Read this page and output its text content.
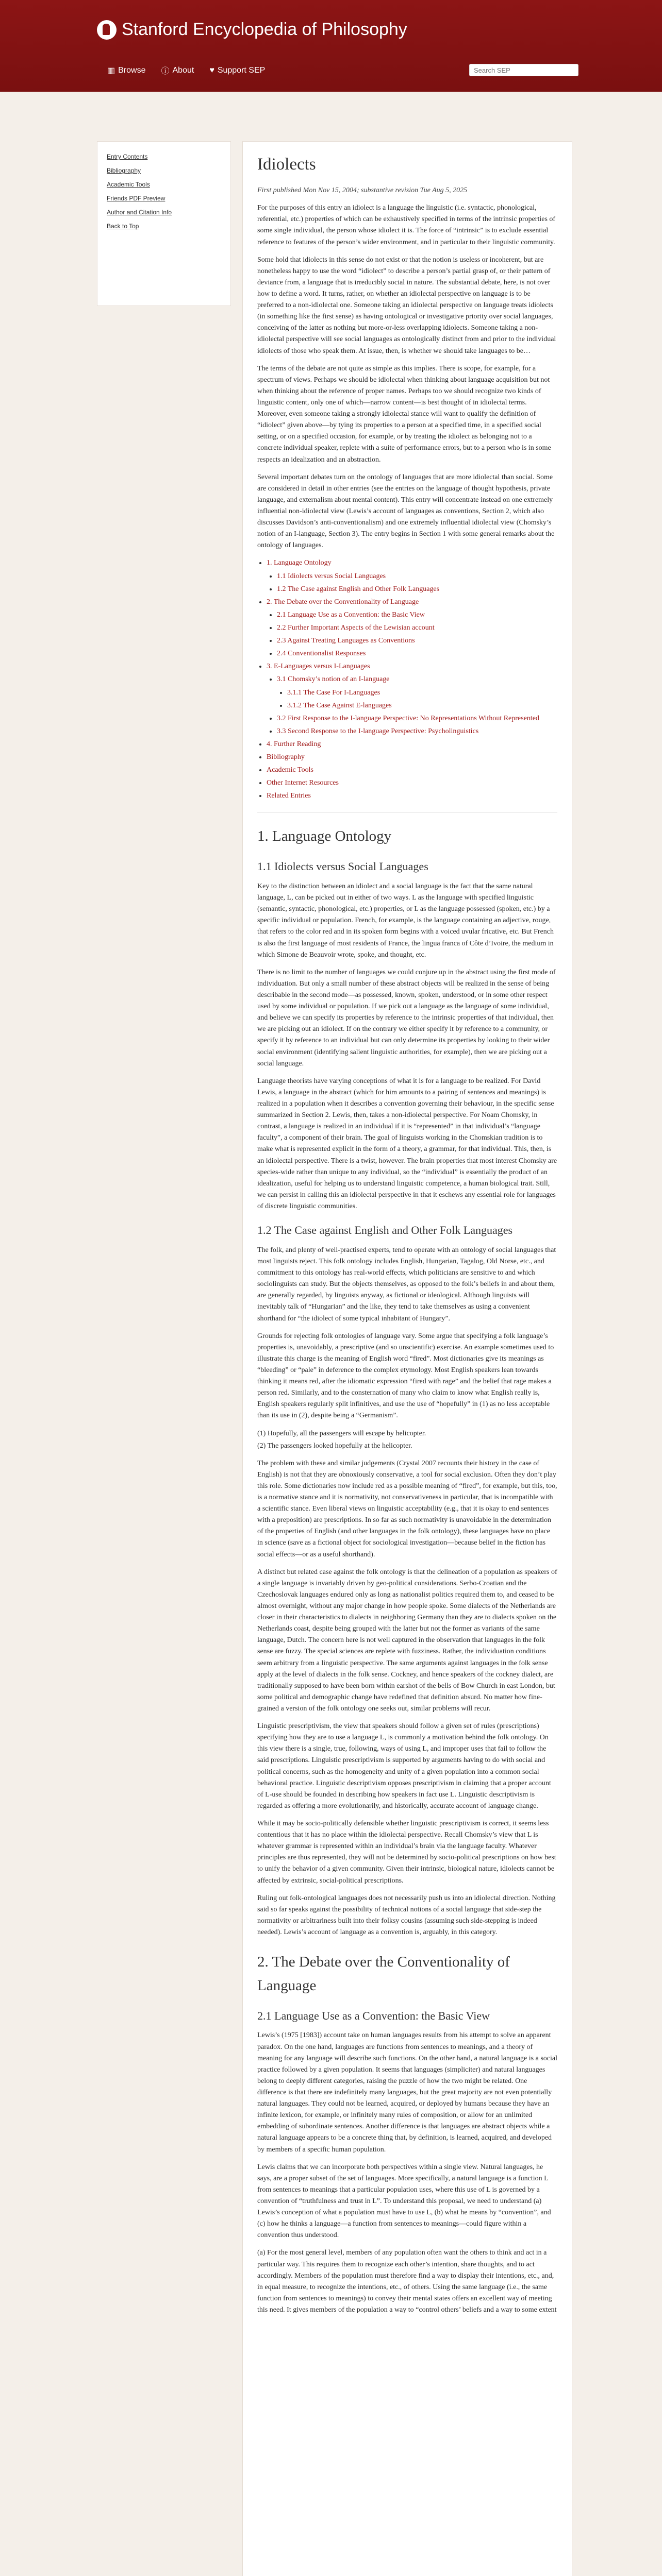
Stanford Encyclopedia of Philosophy
▥ Browse ⓘ About ♥ Support SEP
Search SEP
Entry Contents
Bibliography
Academic Tools
Friends PDF Preview
Author and Citation Info
Back to Top
Idiolects
First published Mon Nov 15, 2004; substantive revision Tue Aug 5, 2025

For the purposes of this entry an idiolect is a language the linguistic (i.e. syntactic, phonological, referential, etc.) properties of which can be exhaustively specified in terms of the intrinsic properties of some single individual, the person whose idiolect it is. The force of “intrinsic” is to exclude essential reference to features of the person’s wider environment, and in particular to their linguistic community.

Some hold that idiolects in this sense do not exist or that the notion is useless or incoherent, but are nonetheless happy to use the word “idiolect” to describe a person’s partial grasp of, or their pattern of deviance from, a language that is irreducibly social in nature. The substantial debate, here, is not over how to define a word. It turns, rather, on whether an idiolectal perspective on language is to be preferred to a non-idiolectal one. Someone taking an idiolectal perspective on language treats idiolects (in something like the first sense) as having ontological or investigative priority over social languages, conceiving of the latter as nothing but more-or-less overlapping idiolects. Someone taking a non-idiolectal perspective will see social languages as ontologically distinct from and prior to the individual idiolects of those who speak them. At issue, then, is whether we should take languages to be…

The terms of the debate are not quite as simple as this implies. There is scope, for example, for a spectrum of views. Perhaps we should be idiolectal when thinking about language acquisition but not when thinking about the reference of proper names. Perhaps too we should recognize two kinds of linguistic content, only one of which—narrow content—is best thought of in idiolectal terms. Moreover, even someone taking a strongly idiolectal stance will want to qualify the definition of “idiolect” given above—by tying its properties to a person at a specified time, in a specified social setting, or on a specified occasion, for example, or by treating the idiolect as belonging not to a concrete individual speaker, replete with a suite of performance errors, but to a person who is in some respects an idealization and an abstraction.

Several important debates turn on the ontology of languages that are more idiolectal than social. Some are considered in detail in other entries (see the entries on the language of thought hypothesis, private language, and externalism about mental content). This entry will concentrate instead on one extremely influential non-idiolectal view (Lewis’s account of languages as conventions, Section 2, which also discusses Davidson’s anti-conventionalism) and one extremely influential idiolectal view (Chomsky’s notion of an I-language, Section 3). The entry begins in Section 1 with some general remarks about the ontology of languages.

• 1. Language Ontology
• 1.1 Idiolects versus Social Languages
• 1.2 The Case against English and Other Folk Languages
• 2. The Debate over the Conventionality of Language
• 2.1 Language Use as a Convention: the Basic View
• 2.2 Further Important Aspects of the Lewisian account
• 2.3 Against Treating Languages as Conventions
• 2.4 Conventionalist Responses
• 3. E-Languages versus I-Languages
• 3.1 Chomsky’s notion of an I-language
• 3.1.1 The Case For I-Languages
• 3.1.2 The Case Against E-languages
• 3.2 First Response to the I-language Perspective: No Representations Without Represented
• 3.3 Second Response to the I-language Perspective: Psycholinguistics
• 4. Further Reading
• Bibliography
• Academic Tools
• Other Internet Resources
• Related Entries
1. Language Ontology
1.1 Idiolects versus Social Languages

Key to the distinction between an idiolect and a social language is the fact that the same natural language, L, can be picked out in either of two ways. L as the language with specified linguistic (semantic, syntactic, phonological, etc.) properties, or L as the language possessed (spoken, etc.) by a specific individual or population. French, for example, is the language containing an adjective, rouge, that refers to the color red and in its spoken form begins with a voiced uvular fricative, etc. But French is also the first language of most residents of France, the lingua franca of Côte d’Ivoire, the medium in which Simone de Beauvoir wrote, spoke, and thought, etc.

There is no limit to the number of languages we could conjure up in the abstract using the first mode of individuation. But only a small number of these abstract objects will be realized in the sense of being describable in the second mode—as possessed, known, spoken, understood, or in some other respect used by some individual or population. If we pick out a language as the language of some individual, and believe we can specify its properties by reference to the intrinsic properties of that individual, then we are picking out an idiolect. If on the contrary we either specify it by reference to a community, or specify it by reference to an individual but can only determine its properties by looking to their wider social environment (identifying salient linguistic authorities, for example), then we are picking out a social language.

Language theorists have varying conceptions of what it is for a language to be realized. For David Lewis, a language in the abstract (which for him amounts to a pairing of sentences and meanings) is realized in a population when it describes a convention governing their behaviour, in the specific sense summarized in Section 2. Lewis, then, takes a non-idiolectal perspective. For Noam Chomsky, in contrast, a language is realized in an individual if it is “represented” in that individual’s “language faculty”, a component of their brain. The goal of linguists working in the Chomskian tradition is to make what is represented explicit in the form of a theory, a grammar, for that individual. This, then, is an idiolectal perspective. There is a twist, however. The brain properties that most interest Chomsky are species-wide rather than unique to any individual, so the “individual” is essentially the product of an idealization, useful for helping us to understand linguistic competence, a human biological trait. Still, we can persist in calling this an idiolectal perspective in that it eschews any essential role for languages of discrete linguistic communities.

1.2 The Case against English and Other Folk Languages

The folk, and plenty of well-practised experts, tend to operate with an ontology of social languages that most linguists reject. This folk ontology includes English, Hungarian, Tagalog, Old Norse, etc., and commitment to this ontology has real-world effects, which politicians are sensitive to and which sociolinguists can study. But the objects themselves, as opposed to the folk’s beliefs in and about them, are generally regarded, by linguists anyway, as fictional or ideological. Although linguists will inevitably talk of “Hungarian” and the like, they tend to take themselves as using a convenient shorthand for “the idiolect of some typical inhabitant of Hungary”.

Grounds for rejecting folk ontologies of language vary. Some argue that specifying a folk language’s properties is, unavoidably, a prescriptive (and so unscientific) exercise. An example sometimes used to illustrate this charge is the meaning of English word “fired”. Most dictionaries give its meanings as “bleeding” or “pale” in deference to the complex etymology. Most English speakers lean towards thinking it means red, after the idiomatic expression “fired with rage” and the belief that rage makes a person red. Similarly, and to the consternation of many who claim to know what English really is, English speakers regularly split infinitives, and use the use of “hopefully” in (1) as no less acceptable than its use in (2), despite being a “Germanism”.

(1) Hopefully, all the passengers will escape by helicopter.
(2) The passengers looked hopefully at the helicopter.

The problem with these and similar judgements (Crystal 2007 recounts their history in the case of English) is not that they are obnoxiously conservative, a tool for social exclusion. Often they don’t play this role. Some dictionaries now include red as a possible meaning of “fired”, for example, but this, too, is a normative stance and it is normativity, not conservativeness in particular, that is incompatible with a scientific stance. Even liberal views on linguistic acceptability (e.g., that it is okay to end sentences with a preposition) are prescriptions. In so far as such normativity is unavoidable in the determination of the properties of English (and other languages in the folk ontology), these languages have no place in science (save as a fictional object for sociological investigation—because belief in the fiction has social effects—or as a useful shorthand).

A distinct but related case against the folk ontology is that the delineation of a population as speakers of a single language is invariably driven by geo-political considerations. Serbo-Croatian and the Czechoslovak languages endured only as long as nationalist politics required them to, and ceased to be almost overnight, without any major change in how people spoke. Some dialects of the Netherlands are closer in their characteristics to dialects in neighboring Germany than they are to dialects spoken on the Netherlands coast, despite being grouped with the latter but not the former as variants of the same language, Dutch. The concern here is not well captured in the observation that languages in the folk sense are fuzzy. The special sciences are replete with fuzziness. Rather, the individuation conditions seem arbitrary from a linguistic perspective. The same arguments against languages in the folk sense apply at the level of dialects in the folk sense. Cockney, and hence speakers of the cockney dialect, are traditionally supposed to have been born within earshot of the bells of Bow Church in east London, but some political and demographic change have redefined that definition absurd. No matter how fine-grained a version of the folk ontology one seeks out, similar problems will recur.

Linguistic prescriptivism, the view that speakers should follow a given set of rules (prescriptions) specifying how they are to use a language L, is commonly a motivation behind the folk ontology. On this view there is a single, true, following, ways of using L, and improper uses that fail to follow the said prescriptions. Linguistic prescriptivism is supported by arguments having to do with social and political concerns, such as the homogeneity and unity of a given population into a common social behavioral practice. Linguistic descriptivism opposes prescriptivism in claiming that a proper account of L-use should be founded in describing how speakers in fact use L. Linguistic descriptivism is regarded as offering a more evolutionarily, and historically, accurate account of language change.

While it may be socio-politically defensible whether linguistic prescriptivism is correct, it seems less contentious that it has no place within the idiolectal perspective. Recall Chomsky’s view that L is whatever grammar is represented within an individual’s brain via the language faculty. Whatever principles are thus represented, they will not be determined by socio-political prescriptions on how best to unify the behavior of a given community. Given their intrinsic, biological nature, idiolects cannot be affected by extrinsic, social-political prescriptions.

Ruling out folk-ontological languages does not necessarily push us into an idiolectal direction. Nothing said so far speaks against the possibility of technical notions of a social language that side-step the normativity or arbitrariness built into their folksy cousins (assuming such side-stepping is indeed needed). Lewis’s account of language as a convention is, arguably, in this category.

2. The Debate over the Conventionality of Language
2.1 Language Use as a Convention: the Basic View

Lewis’s (1975 [1983]) account take on human languages results from his attempt to solve an apparent paradox. On the one hand, languages are functions from sentences to meanings, and a theory of meaning for any language will describe such functions. On the other hand, a natural language is a social practice followed by a given population. It seems that languages (simpliciter) and natural languages belong to deeply different categories, raising the puzzle of how the two might be related. One difference is that there are indefinitely many languages, but the great majority are not even potentially natural languages. They could not be learned, acquired, or deployed by humans because they have an infinite lexicon, for example, or infinitely many rules of composition, or allow for an unlimited embedding of subordinate sentences. Another difference is that languages are abstract objects while a natural language appears to be a concrete thing that, by definition, is learned, acquired, and developed by members of a specific human population.

Lewis claims that we can incorporate both perspectives within a single view. Natural languages, he says, are a proper subset of the set of languages. More specifically, a natural language is a function L from sentences to meanings that a particular population uses, where this use of L is governed by a convention of “truthfulness and trust in L”. To understand this proposal, we need to understand (a) Lewis’s conception of what a population must have to use L, (b) what he means by “convention”, and (c) how he thinks a language—a function from sentences to meanings—could figure within a convention thus understood.

(a) For the most general level, members of any population often want the others to think and act in a particular way. This requires them to recognize each other’s intention, share thoughts, and to act accordingly. Members of the population must therefore find a way to display their intentions, etc., and, in equal measure, to recognize the intentions, etc., of others. Using the same language (i.e., the same function from sentences to meanings) to convey their mental states offers an excellent way of meeting this need. It gives members of the population a way to “control others’ beliefs and a way to some extent
